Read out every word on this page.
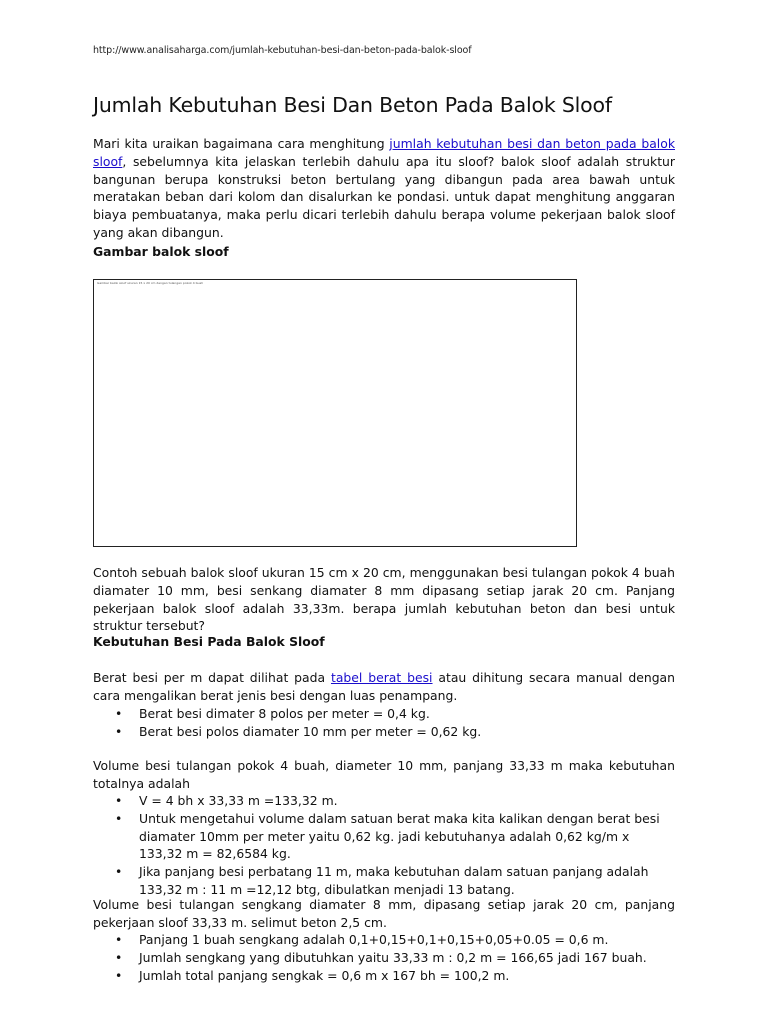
http://www.analisaharga.com/jumlah-kebutuhan-besi-dan-beton-pada-balok-sloof
Jumlah Kebutuhan Besi Dan Beton Pada Balok Sloof

Mari kita uraikan bagaimana cara menghitung jumlah kebutuhan besi dan beton pada balok sloof, sebelumnya kita jelaskan terlebih dahulu apa itu sloof? balok sloof adalah struktur bangunan berupa konstruksi beton bertulang yang dibangun pada area bawah untuk meratakan beban dari kolom dan disalurkan ke pondasi. untuk dapat menghitung anggaran biaya pembuatanya, maka perlu dicari terlebih dahulu berapa volume pekerjaan balok sloof yang akan dibangun.

Gambar balok sloof
Gambar balok sloof ukuran 15 x 20 cm dengan tulangan pokok 4 buah

Contoh sebuah balok sloof ukuran 15 cm x 20 cm, menggunakan besi tulangan pokok 4 buah diamater 10 mm, besi senkang diamater 8 mm dipasang setiap jarak 20 cm. Panjang pekerjaan balok sloof adalah 33,33m. berapa jumlah kebutuhan beton dan besi untuk struktur tersebut?

Kebutuhan Besi Pada Balok Sloof

Berat besi per m dapat dilihat pada tabel berat besi atau dihitung secara manual dengan cara mengalikan berat jenis besi dengan luas penampang.

• Berat besi dimater 8 polos per meter = 0,4 kg.
• Berat besi polos diamater 10 mm per meter = 0,62 kg.

Volume besi tulangan pokok 4 buah, diameter 10 mm, panjang 33,33 m maka kebutuhan totalnya adalah

• V = 4 bh x 33,33 m =133,32 m.
• Untuk mengetahui volume dalam satuan berat maka kita kalikan dengan berat besi diamater 10mm per meter yaitu 0,62 kg. jadi kebutuhanya adalah 0,62 kg/m x 133,32 m = 82,6584 kg.
• Jika panjang besi perbatang 11 m, maka kebutuhan dalam satuan panjang adalah 133,32 m : 11 m =12,12 btg, dibulatkan menjadi 13 batang.

Volume besi tulangan sengkang diamater 8 mm, dipasang setiap jarak 20 cm, panjang pekerjaan sloof 33,33 m. selimut beton 2,5 cm.

• Panjang 1 buah sengkang adalah 0,1+0,15+0,1+0,15+0,05+0.05 = 0,6 m.
• Jumlah sengkang yang dibutuhkan yaitu 33,33 m : 0,2 m = 166,65 jadi 167 buah.
• Jumlah total panjang sengkak = 0,6 m x 167 bh = 100,2 m.
